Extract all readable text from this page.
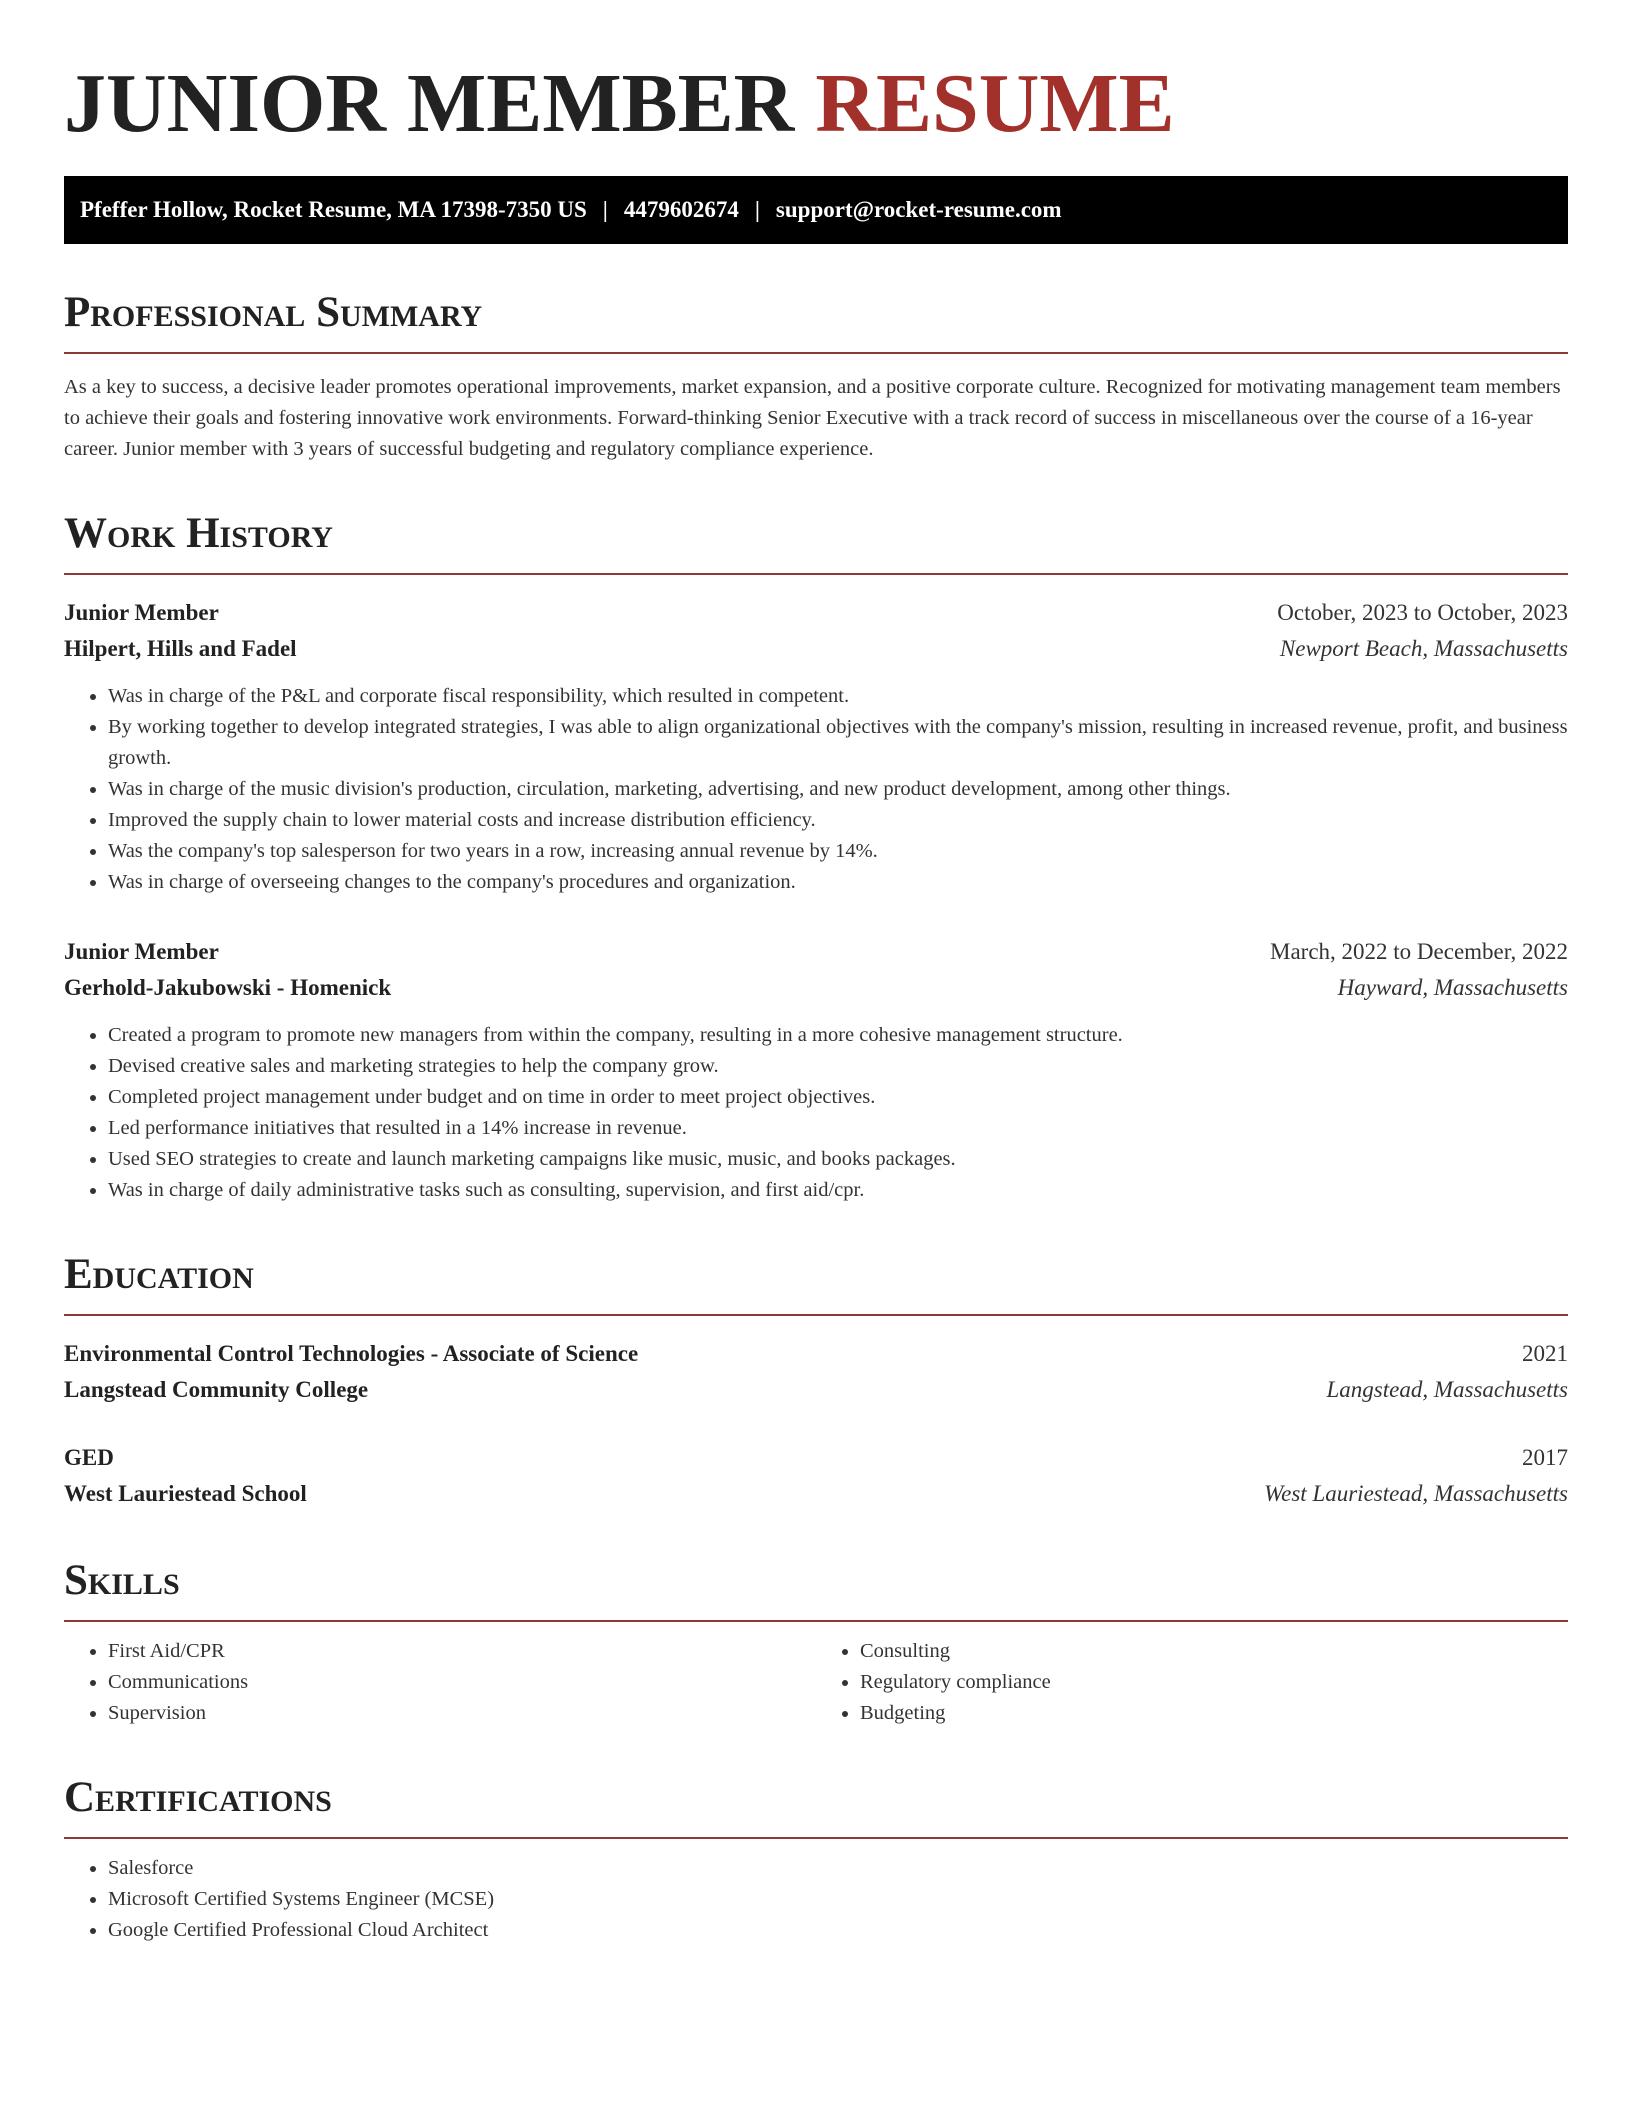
JUNIOR MEMBER RESUME
Pfeffer Hollow, Rocket Resume, MA 17398-7350 US | 4479602674 | support@rocket-resume.com
Professional Summary

As a key to success, a decisive leader promotes operational improvements, market expansion, and a positive corporate culture. Recognized for motivating management team members to achieve their goals and fostering innovative work environments. Forward-thinking Senior Executive with a track record of success in miscellaneous over the course of a 16-year career. Junior member with 3 years of successful budgeting and regulatory compliance experience.

Work History
Junior Member	October, 2023 to October, 2023
Hilpert, Hills and Fadel	Newport Beach, Massachusetts
• Was in charge of the P&L and corporate fiscal responsibility, which resulted in competent.
• By working together to develop integrated strategies, I was able to align organizational objectives with the company's mission, resulting in increased revenue, profit, and business growth.
• Was in charge of the music division's production, circulation, marketing, advertising, and new product development, among other things.
• Improved the supply chain to lower material costs and increase distribution efficiency.
• Was the company's top salesperson for two years in a row, increasing annual revenue by 14%.
• Was in charge of overseeing changes to the company's procedures and organization.
Junior Member	March, 2022 to December, 2022
Gerhold-Jakubowski - Homenick	Hayward, Massachusetts
• Created a program to promote new managers from within the company, resulting in a more cohesive management structure.
• Devised creative sales and marketing strategies to help the company grow.
• Completed project management under budget and on time in order to meet project objectives.
• Led performance initiatives that resulted in a 14% increase in revenue.
• Used SEO strategies to create and launch marketing campaigns like music, music, and books packages.
• Was in charge of daily administrative tasks such as consulting, supervision, and first aid/cpr.
Education
Environmental Control Technologies - Associate of Science	2021
Langstead Community College	Langstead, Massachusetts
GED	2017
West Lauriestead School	West Lauriestead, Massachusetts
Skills
• First Aid/CPR
• Communications
• Supervision
• Consulting
• Regulatory compliance
• Budgeting
Certifications
• Salesforce
• Microsoft Certified Systems Engineer (MCSE)
• Google Certified Professional Cloud Architect
